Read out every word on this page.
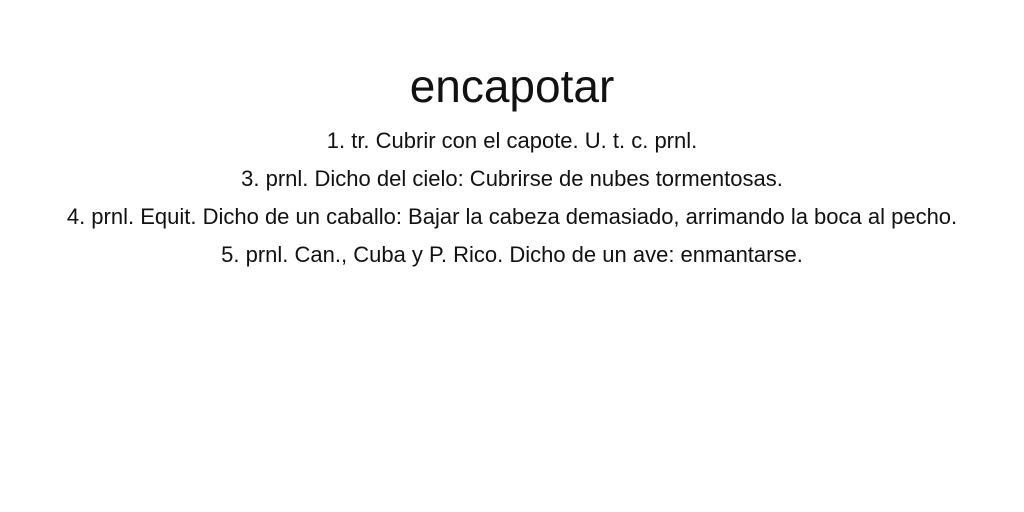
encapotar
1. tr. Cubrir con el capote. U. t. c. prnl.
3. prnl. Dicho del cielo: Cubrirse de nubes tormentosas.
4. prnl. Equit. Dicho de un caballo: Bajar la cabeza demasiado, arrimando la boca al pecho.
5. prnl. Can., Cuba y P. Rico. Dicho de un ave: enmantarse.
